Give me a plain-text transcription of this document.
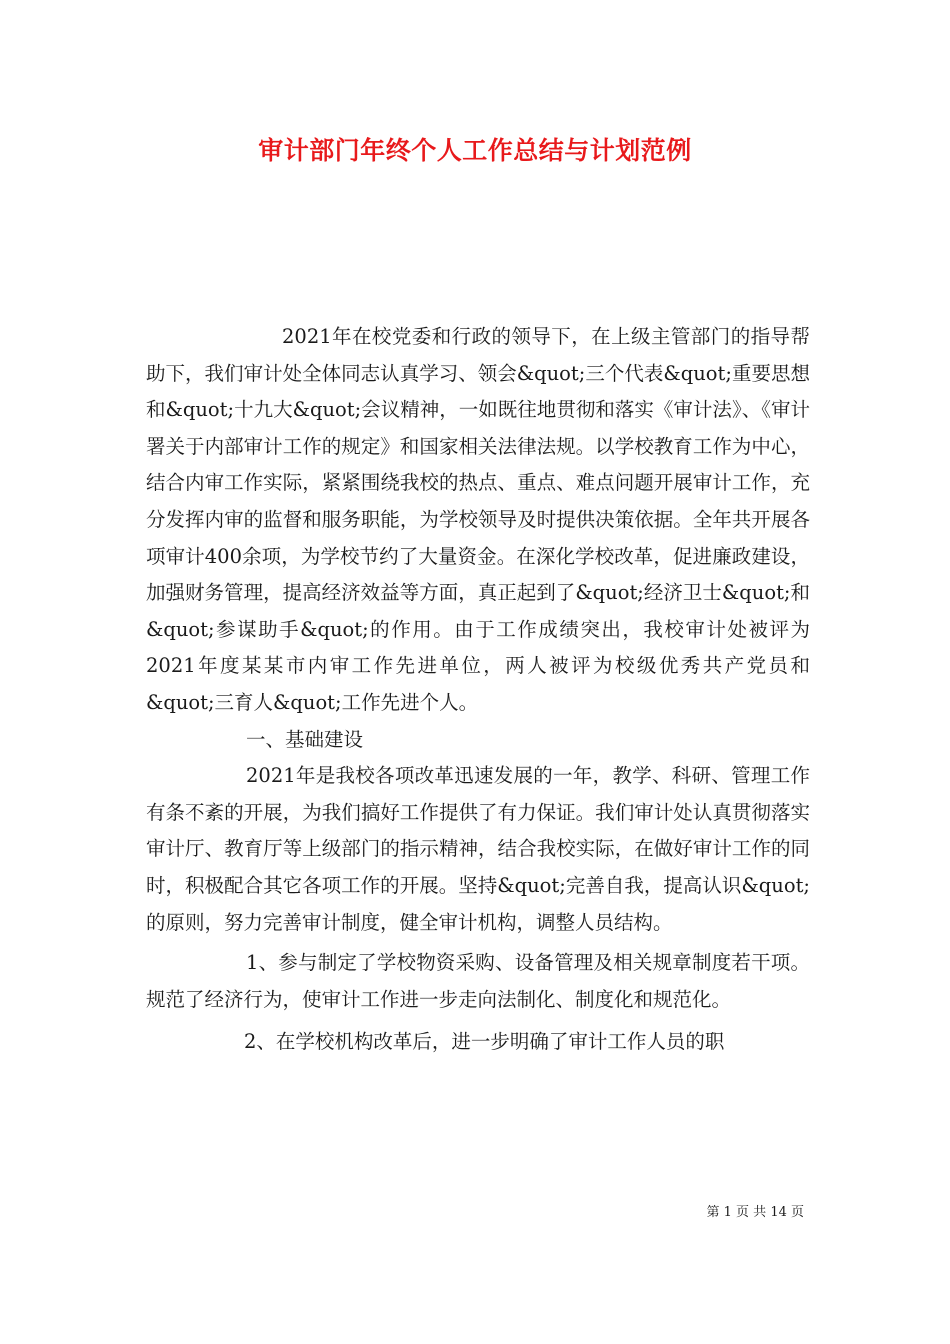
审计部门年终个人工作总结与计划范例

2021年在校党委和行政的领导下，在上级主管部门的指导帮助下，我们审计处全体同志认真学习、领会&quot;三个代表&quot;重要思想和&quot;十九大&quot;会议精神，一如既往地贯彻和落实《审计法》、《审计署关于内部审计工作的规定》和国家相关法律法规。以学校教育工作为中心，结合内审工作实际，紧紧围绕我校的热点、重点、难点问题开展审计工作，充分发挥内审的监督和服务职能，为学校领导及时提供决策依据。全年共开展各项审计400余项，为学校节约了大量资金。在深化学校改革，促进廉政建设，加强财务管理，提高经济效益等方面，真正起到了&quot;经济卫士&quot;和&quot;参谋助手&quot;的作用。由于工作成绩突出，我校审计处被评为2021年度某某市内审工作先进单位，两人被评为校级优秀共产党员和&quot;三育人&quot;工作先进个人。

一、基础建设

2021年是我校各项改革迅速发展的一年，教学、科研、管理工作有条不紊的开展，为我们搞好工作提供了有力保证。我们审计处认真贯彻落实审计厅、教育厅等上级部门的指示精神，结合我校实际，在做好审计工作的同时，积极配合其它各项工作的开展。坚持&quot;完善自我，提高认识&quot;的原则，努力完善审计制度，健全审计机构，调整人员结构。

1、参与制定了学校物资采购、设备管理及相关规章制度若干项。规范了经济行为，使审计工作进一步走向法制化、制度化和规范化。

2、在学校机构改革后，进一步明确了审计工作人员的职

第 1 页 共 14 页
